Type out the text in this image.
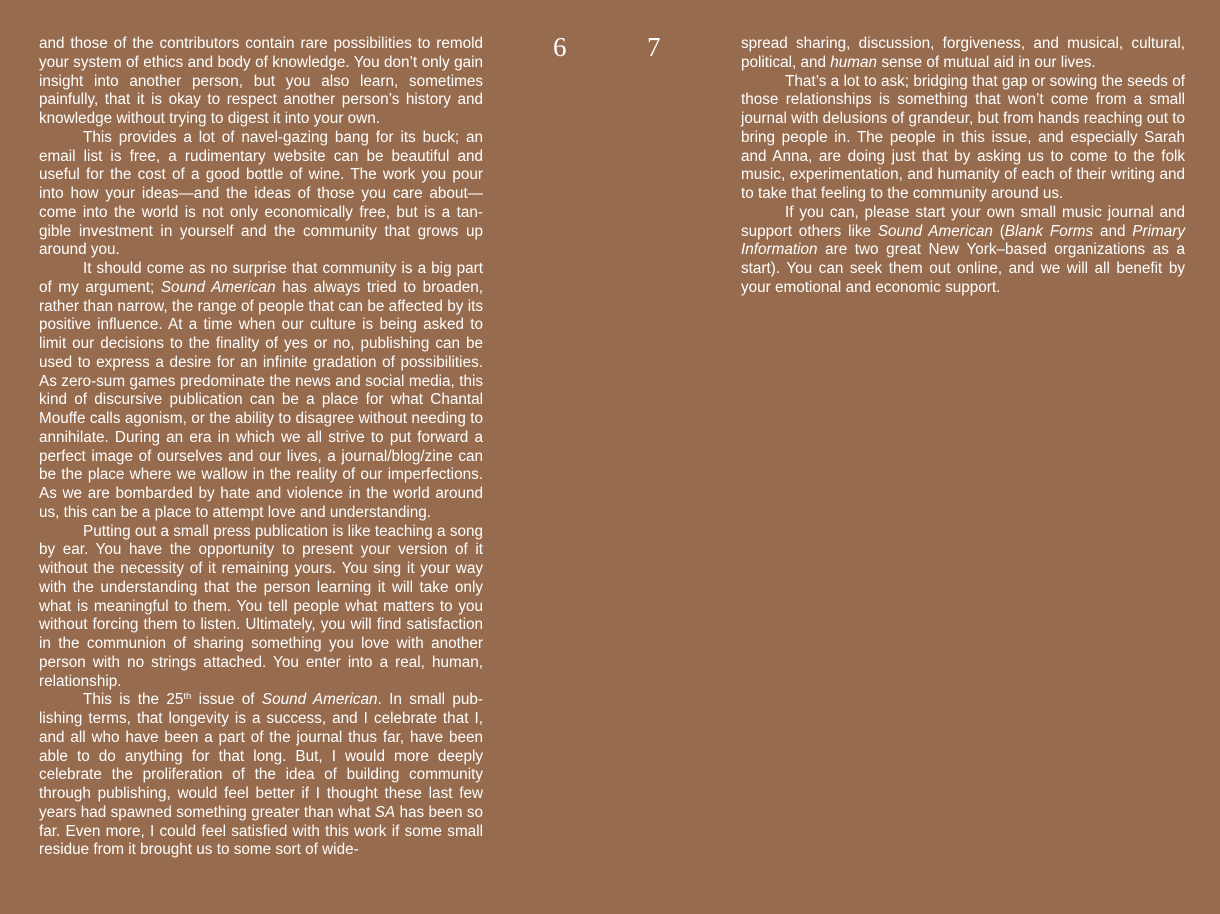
6	7

and those of the contributors contain rare possibilities to remold your system of ethics and body of knowledge. You don’t only gain insight into another person, but you also learn, sometimes painfully, that it is okay to respect another person’s history and knowledge without trying to digest it into your own.

This provides a lot of navel-gazing bang for its buck; an email list is free, a rudimentary website can be beautiful and useful for the cost of a good bottle of wine. The work you pour into how your ideas—and the ideas of those you care about—come into the world is not only economically free, but is a tangible investment in yourself and the community that grows up around you.

It should come as no surprise that community is a big part of my argument; Sound American has always tried to broaden, rather than narrow, the range of people that can be affected by its positive influence. At a time when our culture is being asked to limit our decisions to the finality of yes or no, publishing can be used to express a desire for an infinite gradation of possibilities. As zero-sum games predominate the news and social media, this kind of discursive publication can be a place for what Chantal Mouffe calls agonism, or the ability to disagree without needing to annihilate. During an era in which we all strive to put forward a perfect image of ourselves and our lives, a journal/blog/zine can be the place where we wallow in the reality of our imperfections. As we are bombarded by hate and violence in the world around us, this can be a place to attempt love and understanding.

Putting out a small press publication is like teaching a song by ear. You have the opportunity to present your version of it without the necessity of it remaining yours. You sing it your way with the understanding that the person learning it will take only what is meaningful to them. You tell people what matters to you without forcing them to listen. Ultimately, you will find satisfaction in the communion of sharing something you love with another person with no strings attached. You enter into a real, human, relationship.

This is the 25th issue of Sound American. In small publishing terms, that longevity is a success, and I celebrate that I, and all who have been a part of the journal thus far, have been able to do anything for that long. But, I would more deeply celebrate the proliferation of the idea of building community through publishing, would feel better if I thought these last few years had spawned something greater than what SA has been so far. Even more, I could feel satisfied with this work if some small residue from it brought us to some sort of wide-

spread sharing, discussion, forgiveness, and musical, cultural, political, and human sense of mutual aid in our lives.

That’s a lot to ask; bridging that gap or sowing the seeds of those relationships is something that won’t come from a small journal with delusions of grandeur, but from hands reaching out to bring people in. The people in this issue, and especially Sarah and Anna, are doing just that by asking us to come to the folk music, experimentation, and humanity of each of their writing and to take that feeling to the community around us.

If you can, please start your own small music journal and support others like Sound American (Blank Forms and Primary Information are two great New York–based organizations as a start). You can seek them out online, and we will all benefit by your emotional and economic support.
